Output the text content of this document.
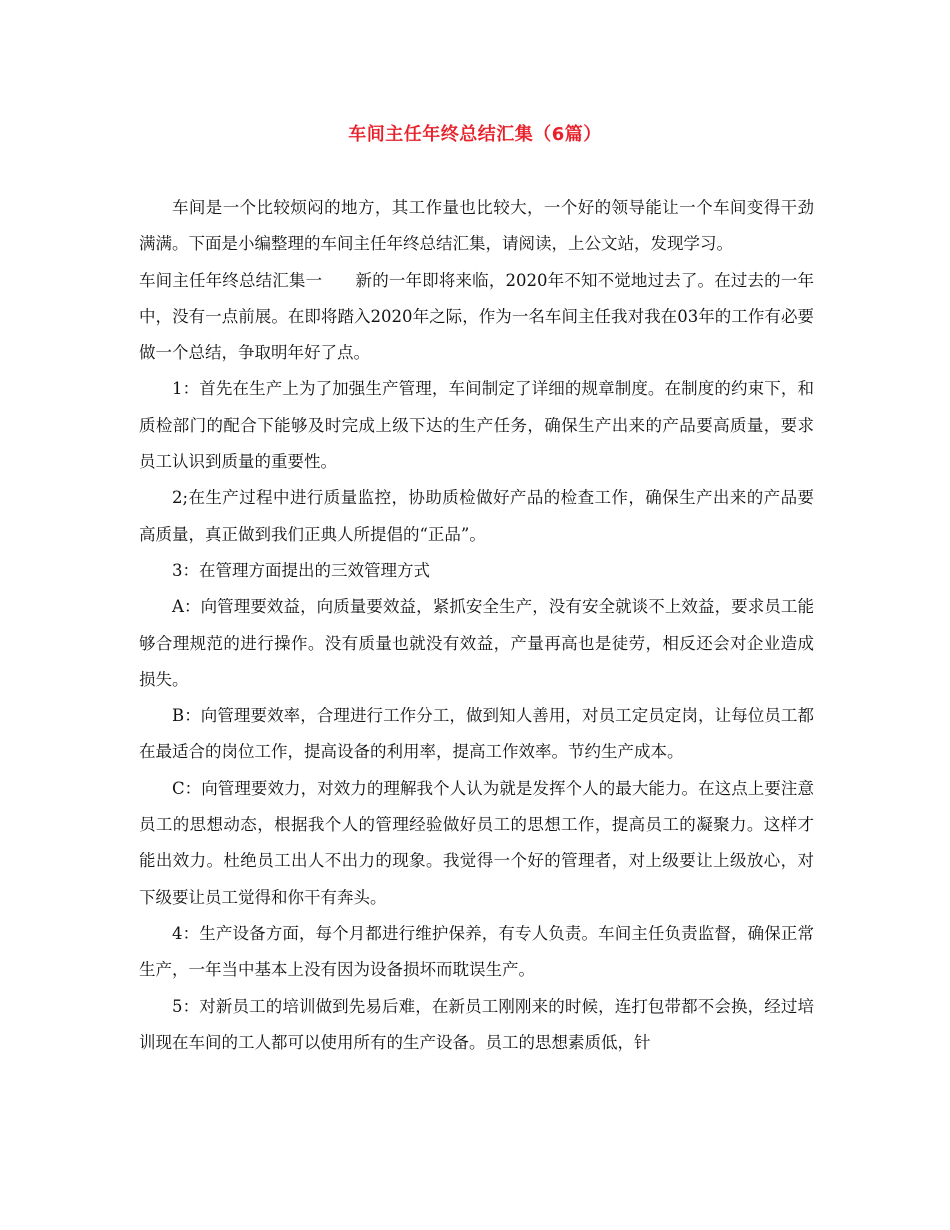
车间主任年终总结汇集（6篇）

车间是一个比较烦闷的地方，其工作量也比较大，一个好的领导能让一个车间变得干劲满满。下面是小编整理的车间主任年终总结汇集，请阅读，上公文站，发现学习。

车间主任年终总结汇集一　　新的一年即将来临，2020年不知不觉地过去了。在过去的一年中，没有一点前展。在即将踏入2020年之际，作为一名车间主任我对我在03年的工作有必要做一个总结，争取明年好了点。

1：首先在生产上为了加强生产管理，车间制定了详细的规章制度。在制度的约束下，和质检部门的配合下能够及时完成上级下达的生产任务，确保生产出来的产品要高质量，要求员工认识到质量的重要性。

2;在生产过程中进行质量监控，协助质检做好产品的检查工作，确保生产出来的产品要高质量，真正做到我们正典人所提倡的“正品”。

3：在管理方面提出的三效管理方式

A：向管理要效益，向质量要效益，紧抓安全生产，没有安全就谈不上效益，要求员工能够合理规范的进行操作。没有质量也就没有效益，产量再高也是徒劳，相反还会对企业造成损失。

B：向管理要效率，合理进行工作分工，做到知人善用，对员工定员定岗，让每位员工都在最适合的岗位工作，提高设备的利用率，提高工作效率。节约生产成本。

C：向管理要效力，对效力的理解我个人认为就是发挥个人的最大能力。在这点上要注意员工的思想动态，根据我个人的管理经验做好员工的思想工作，提高员工的凝聚力。这样才能出效力。杜绝员工出人不出力的现象。我觉得一个好的管理者，对上级要让上级放心，对下级要让员工觉得和你干有奔头。

4：生产设备方面，每个月都进行维护保养，有专人负责。车间主任负责监督，确保正常生产，一年当中基本上没有因为设备损坏而耽误生产。

5：对新员工的培训做到先易后难，在新员工刚刚来的时候，连打包带都不会换，经过培训现在车间的工人都可以使用所有的生产设备。员工的思想素质低，针
